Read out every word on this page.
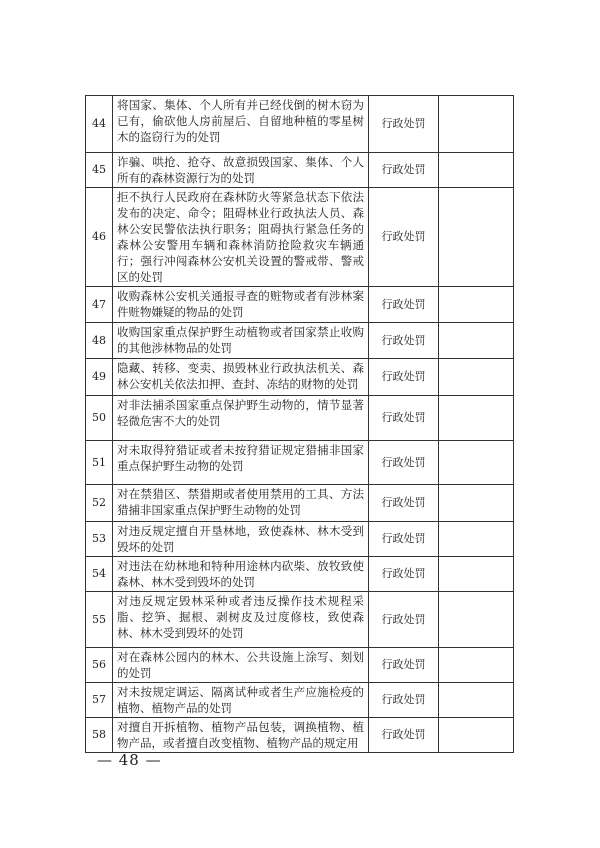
44	将国家、集体、个人所有并已经伐倒的树木窃为已有，偷砍他人房前屋后、自留地种植的零星树木的盗窃行为的处罚	行政处罚	
45	诈骗、哄抢、抢夺、故意损毁国家、集体、个人所有的森林资源行为的处罚	行政处罚	
46	拒不执行人民政府在森林防火等紧急状态下依法发布的决定、命令；阻碍林业行政执法人员、森林公安民警依法执行职务；阻碍执行紧急任务的森林公安警用车辆和森林消防抢险救灾车辆通行；强行冲闯森林公安机关设置的警戒带、警戒区的处罚	行政处罚	
47	收购森林公安机关通报寻查的赃物或者有涉林案件赃物嫌疑的物品的处罚	行政处罚	
48	收购国家重点保护野生动植物或者国家禁止收购的其他涉林物品的处罚	行政处罚	
49	隐藏、转移、变卖、损毁林业行政执法机关、森林公安机关依法扣押、查封、冻结的财物的处罚	行政处罚	
50	对非法捕杀国家重点保护野生动物的，情节显著轻微危害不大的处罚	行政处罚	
51	对未取得狩猎证或者未按狩猎证规定猎捕非国家重点保护野生动物的处罚	行政处罚	
52	对在禁猎区、禁猎期或者使用禁用的工具、方法猎捕非国家重点保护野生动物的处罚	行政处罚	
53	对违反规定擅自开垦林地，致使森林、林木受到毁坏的处罚	行政处罚	
54	对违法在幼林地和特种用途林内砍柴、放牧致使森林、林木受到毁坏的处罚	行政处罚	
55	对违反规定毁林采种或者违反操作技术规程采脂、挖笋、掘根、剥树皮及过度修枝，致使森林、林木受到毁坏的处罚	行政处罚	
56	对在森林公园内的林木、公共设施上涂写、刻划的处罚	行政处罚	
57	对未按规定调运、隔离试种或者生产应施检疫的植物、植物产品的处罚	行政处罚	
58	对擅自开拆植物、植物产品包装，调换植物、植物产品，或者擅自改变植物、植物产品的规定用	行政处罚	
— 48 —
